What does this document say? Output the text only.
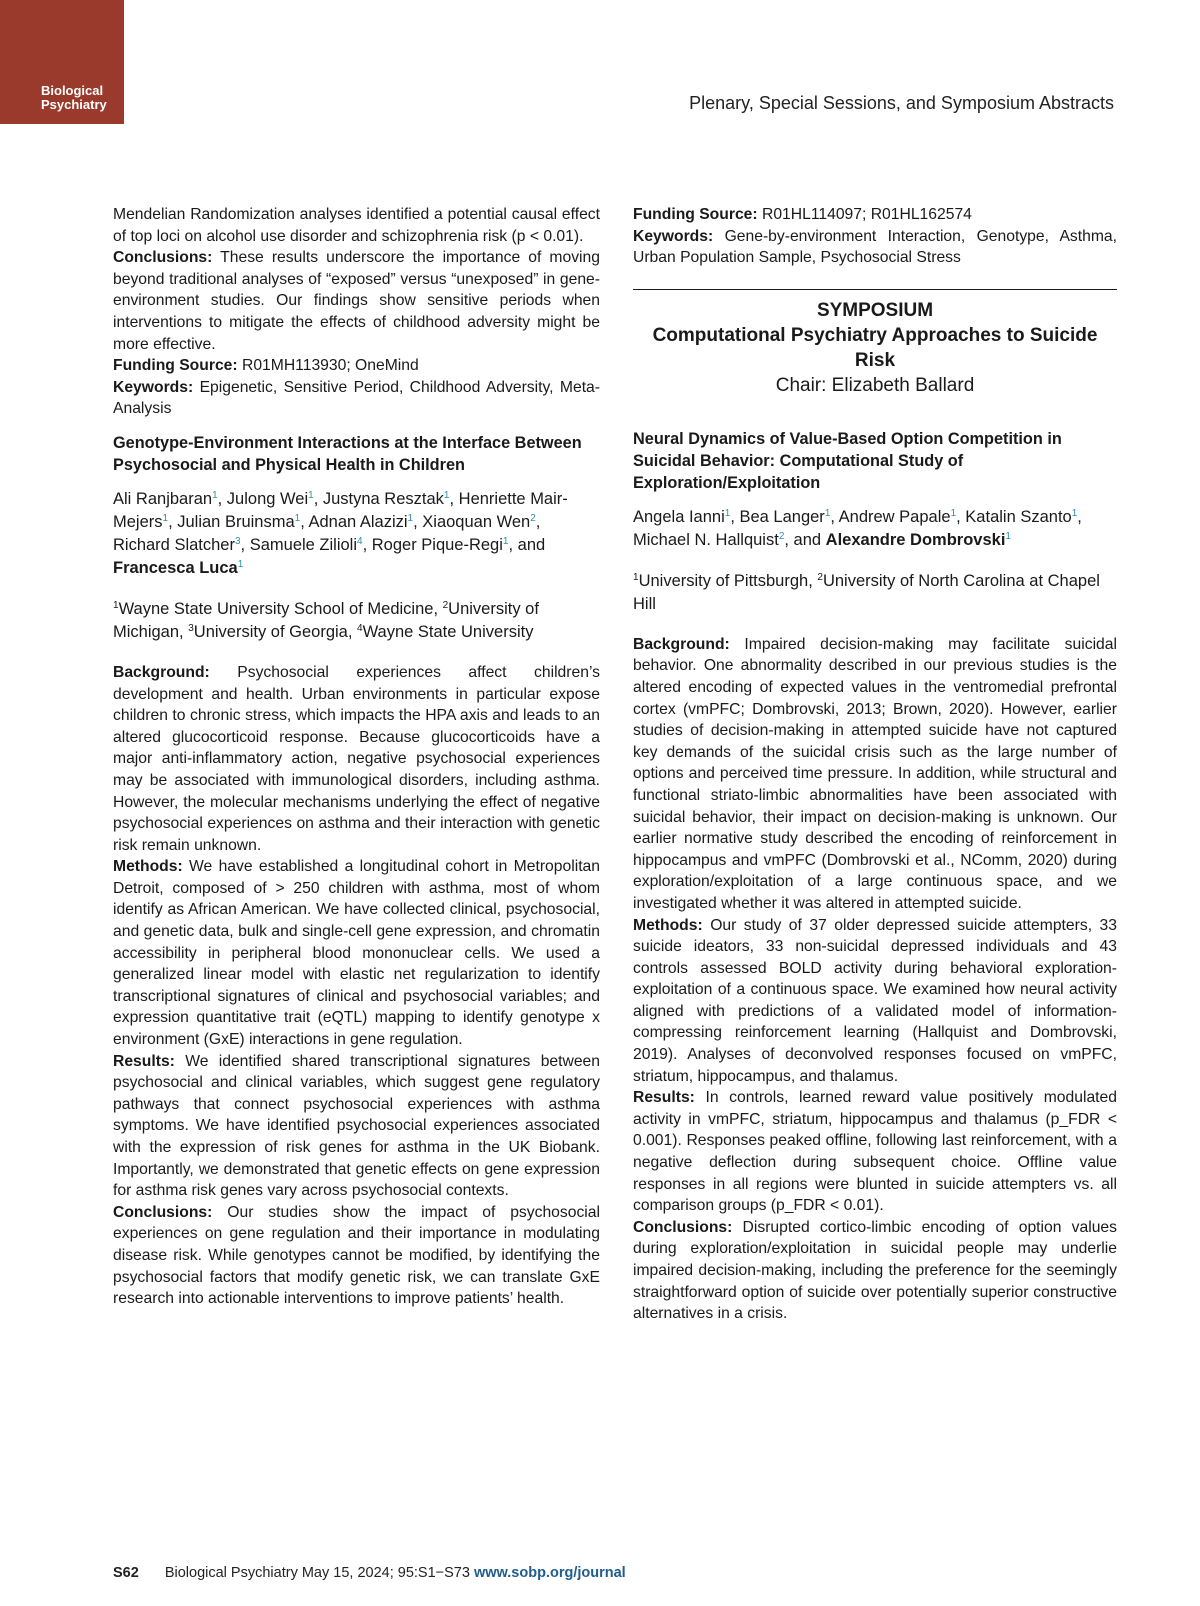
Biological
Psychiatry	Plenary, Special Sessions, and Symposium Abstracts

Mendelian Randomization analyses identified a potential causal effect of top loci on alcohol use disorder and schizophrenia risk (p < 0.01).

Conclusions: These results underscore the importance of moving beyond traditional analyses of “exposed” versus “unexposed” in gene-environment studies. Our findings show sensitive periods when interventions to mitigate the effects of childhood adversity might be more effective.

Funding Source: R01MH113930; OneMind

Keywords: Epigenetic, Sensitive Period, Childhood Adversity, Meta-Analysis

Genotype-Environment Interactions at the Interface Between Psychosocial and Physical Health in Children

Ali Ranjbaran$^1$, Julong Wei$^1$, Justyna Resztak$^1$, Henriette Mair-Mejers$^1$, Julian Bruinsma$^1$, Adnan Alazizi$^1$, Xiaoquan Wen$^2$, Richard Slatcher$^3$, Samuele Zilioli$^4$, Roger Pique-Regi$^1$, and Francesca Luca$^1$

$^1$Wayne State University School of Medicine, $^2$University of Michigan, $^3$University of Georgia, $^4$Wayne State University

Background: Psychosocial experiences affect children’s development and health. Urban environments in particular expose children to chronic stress, which impacts the HPA axis and leads to an altered glucocorticoid response. Because glucocorticoids have a major anti-inflammatory action, negative psychosocial experiences may be associated with immunological disorders, including asthma. However, the molecular mechanisms underlying the effect of negative psychosocial experiences on asthma and their interaction with genetic risk remain unknown.

Methods: We have established a longitudinal cohort in Metropolitan Detroit, composed of > 250 children with asthma, most of whom identify as African American. We have collected clinical, psychosocial, and genetic data, bulk and single-cell gene expression, and chromatin accessibility in peripheral blood mononuclear cells. We used a generalized linear model with elastic net regularization to identify transcriptional signatures of clinical and psychosocial variables; and expression quantitative trait (eQTL) mapping to identify genotype x environment (GxE) interactions in gene regulation.

Results: We identified shared transcriptional signatures between psychosocial and clinical variables, which suggest gene regulatory pathways that connect psychosocial experiences with asthma symptoms. We have identified psychosocial experiences associated with the expression of risk genes for asthma in the UK Biobank. Importantly, we demonstrated that genetic effects on gene expression for asthma risk genes vary across psychosocial contexts.

Conclusions: Our studies show the impact of psychosocial experiences on gene regulation and their importance in modulating disease risk. While genotypes cannot be modified, by identifying the psychosocial factors that modify genetic risk, we can translate GxE research into actionable interventions to improve patients’ health.

Funding Source: R01HL114097; R01HL162574

Keywords: Gene-by-environment Interaction, Genotype, Asthma, Urban Population Sample, Psychosocial Stress

SYMPOSIUM
Computational Psychiatry Approaches to Suicide Risk
Chair: Elizabeth Ballard

Neural Dynamics of Value-Based Option Competition in Suicidal Behavior: Computational Study of Exploration/Exploitation

Angela Ianni$^1$, Bea Langer$^1$, Andrew Papale$^1$, Katalin Szanto$^1$, Michael N. Hallquist$^2$, and Alexandre Dombrovski$^1$

$^1$University of Pittsburgh, $^2$University of North Carolina at Chapel Hill

Background: Impaired decision-making may facilitate suicidal behavior. One abnormality described in our previous studies is the altered encoding of expected values in the ventromedial prefrontal cortex (vmPFC; Dombrovski, 2013; Brown, 2020). However, earlier studies of decision-making in attempted suicide have not captured key demands of the suicidal crisis such as the large number of options and perceived time pressure. In addition, while structural and functional striato-limbic abnormalities have been associated with suicidal behavior, their impact on decision-making is unknown. Our earlier normative study described the encoding of reinforcement in hippocampus and vmPFC (Dombrovski et al., NComm, 2020) during exploration/exploitation of a large continuous space, and we investigated whether it was altered in attempted suicide.

Methods: Our study of 37 older depressed suicide attempters, 33 suicide ideators, 33 non-suicidal depressed individuals and 43 controls assessed BOLD activity during behavioral exploration-exploitation of a continuous space. We examined how neural activity aligned with predictions of a validated model of information-compressing reinforcement learning (Hallquist and Dombrovski, 2019). Analyses of deconvolved responses focused on vmPFC, striatum, hippocampus, and thalamus.

Results: In controls, learned reward value positively modulated activity in vmPFC, striatum, hippocampus and thalamus (p_FDR < 0.001). Responses peaked offline, following last reinforcement, with a negative deflection during subsequent choice. Offline value responses in all regions were blunted in suicide attempters vs. all comparison groups (p_FDR < 0.01).

Conclusions: Disrupted cortico-limbic encoding of option values during exploration/exploitation in suicidal people may underlie impaired decision-making, including the preference for the seemingly straightforward option of suicide over potentially superior constructive alternatives in a crisis.

S62 Biological Psychiatry May 15, 2024; 95:S1−S73 www.sobp.org/journal
